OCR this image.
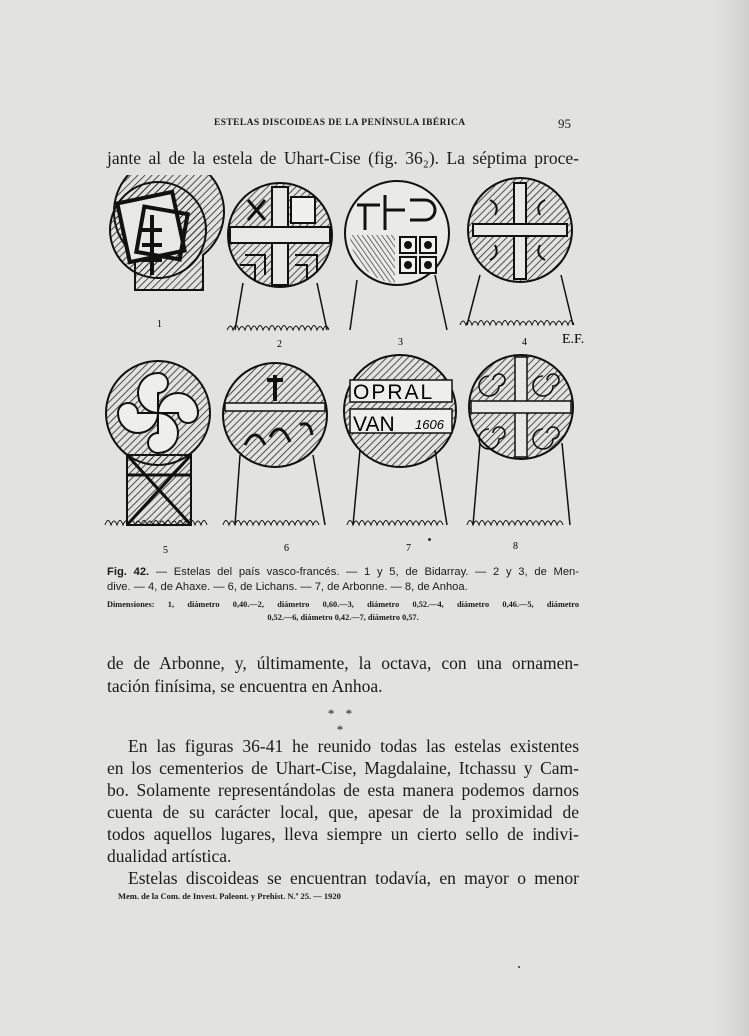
ESTELAS DISCOIDEAS DE LA PENÍNSULA IBÉRICA	95
jante al de la estela de Uhart-Cise (fig. 36₂). La séptima proce-
1
2	3	4	E.F.
OPRAL
VAN 1606
5	6	7	8
Fig. 42. — Estelas del país vasco-francés. — 1 y 5, de Bidarray. — 2 y 3, de Men-
dive. — 4, de Ahaxe. — 6, de Lichans. — 7, de Arbonne. — 8, de Anhoa.
Dimensiones: 1, diámetro 0,40.—2, diámetro 0,60.—3, diámetro 0,52.—4, diámetro 0,46.—5, diámetro
0,52.—6, diámetro 0,42.—7, diámetro 0,57.
de de Arbonne, y, últimamente, la octava, con una ornamen-
tación finísima, se encuentra en Anhoa.
* * *
En las figuras 36-41 he reunido todas las estelas existentes
en los cementerios de Uhart-Cise, Magdalaine, Itchassu y Cam-
bo. Solamente representándolas de esta manera podemos darnos
cuenta de su carácter local, que, apesar de la proximidad de
todos aquellos lugares, lleva siempre un cierto sello de indivi-
dualidad artística.
Estelas discoideas se encuentran todavía, en mayor o menor
Mem. de la Com. de Invest. Paleont. y Prehist. N.º 25. — 1920
